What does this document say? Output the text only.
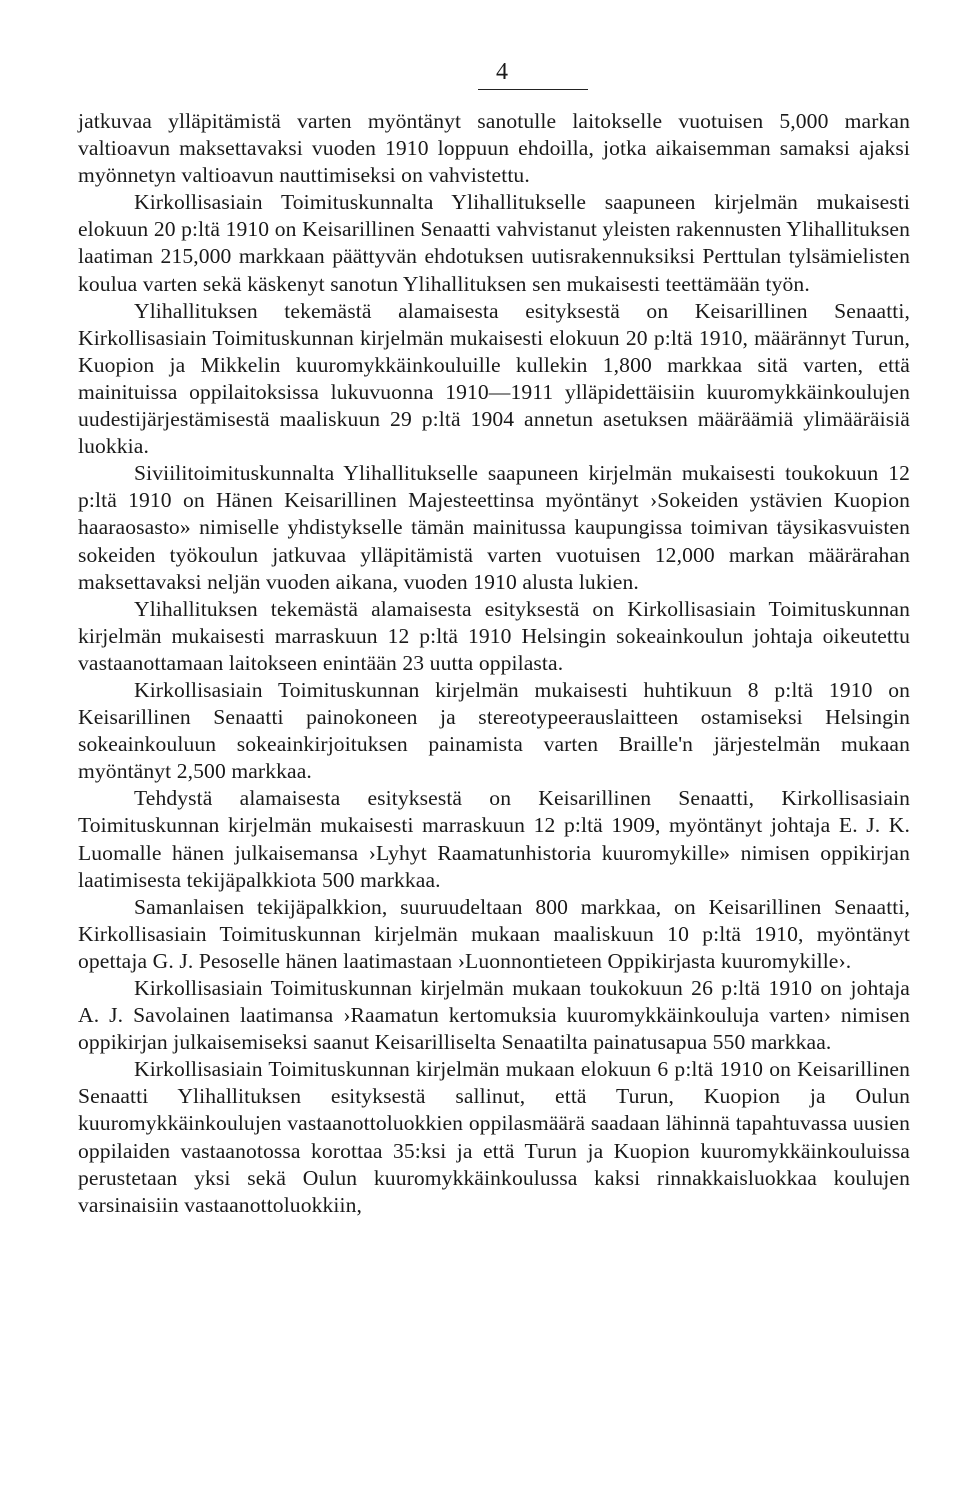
4

jatkuvaa ylläpitämistä varten myöntänyt sanotulle laitokselle vuotuisen 5,000 markan valtioavun maksettavaksi vuoden 1910 loppuun ehdoilla, jotka aikaisemman samaksi ajaksi myönnetyn valtioavun nauttimiseksi on vahvistettu.

Kirkollisasiain Toimituskunnalta Ylihallitukselle saapuneen kirjelmän mukaisesti elokuun 20 p:ltä 1910 on Keisarillinen Senaatti vahvistanut yleisten rakennusten Ylihallituksen laatiman 215,000 markkaan päättyvän ehdotuksen uutisrakennuksiksi Perttulan tylsämielisten koulua varten sekä käskenyt sanotun Ylihallituksen sen mukaisesti teettämään työn.

Ylihallituksen tekemästä alamaisesta esityksestä on Keisarillinen Senaatti, Kirkollisasiain Toimituskunnan kirjelmän mukaisesti elokuun 20 p:ltä 1910, määrännyt Turun, Kuopion ja Mikkelin kuuromykkäinkouluille kullekin 1,800 markkaa sitä varten, että mainituissa oppilaitoksissa lukuvuonna 1910—1911 ylläpidettäisiin kuuromykkäinkoulujen uudestijärjestämisestä maaliskuun 29 p:ltä 1904 annetun asetuksen määräämiä ylimääräisiä luokkia.

Siviilitoimituskunnalta Ylihallitukselle saapuneen kirjelmän mukaisesti toukokuun 12 p:ltä 1910 on Hänen Keisarillinen Majesteettinsa myöntänyt ›Sokeiden ystävien Kuopion haaraosasto» nimiselle yhdistykselle tämän mainitussa kaupungissa toimivan täysikasvuisten sokeiden työkoulun jatkuvaa ylläpitämistä varten vuotuisen 12,000 markan määrärahan maksettavaksi neljän vuoden aikana, vuoden 1910 alusta lukien.

Ylihallituksen tekemästä alamaisesta esityksestä on Kirkollisasiain Toimituskunnan kirjelmän mukaisesti marraskuun 12 p:ltä 1910 Helsingin sokeainkoulun johtaja oikeutettu vastaanottamaan laitokseen enintään 23 uutta oppilasta.

Kirkollisasiain Toimituskunnan kirjelmän mukaisesti huhtikuun 8 p:ltä 1910 on Keisarillinen Senaatti painokoneen ja stereotypeerauslaitteen ostamiseksi Helsingin sokeainkouluun sokeainkirjoituksen painamista varten Braille'n järjestelmän mukaan myöntänyt 2,500 markkaa.

Tehdystä alamaisesta esityksestä on Keisarillinen Senaatti, Kirkollisasiain Toimituskunnan kirjelmän mukaisesti marraskuun 12 p:ltä 1909, myöntänyt johtaja E. J. K. Luomalle hänen julkaisemansa ›Lyhyt Raamatunhistoria kuuromykille» nimisen oppikirjan laatimisesta tekijäpalkkiota 500 markkaa.

Samanlaisen tekijäpalkkion, suuruudeltaan 800 markkaa, on Keisarillinen Senaatti, Kirkollisasiain Toimituskunnan kirjelmän mukaan maaliskuun 10 p:ltä 1910, myöntänyt opettaja G. J. Pesoselle hänen laatimastaan ›Luonnontieteen Oppikirjasta kuuromykille›.

Kirkollisasiain Toimituskunnan kirjelmän mukaan toukokuun 26 p:ltä 1910 on johtaja A. J. Savolainen laatimansa ›Raamatun kertomuksia kuuromykkäinkouluja varten› nimisen oppikirjan julkaisemiseksi saanut Keisarilliselta Senaatilta painatusapua 550 markkaa.

Kirkollisasiain Toimituskunnan kirjelmän mukaan elokuun 6 p:ltä 1910 on Keisarillinen Senaatti Ylihallituksen esityksestä sallinut, että Turun, Kuopion ja Oulun kuuromykkäinkoulujen vastaanottoluokkien oppilasmäärä saadaan lähinnä tapahtuvassa uusien oppilaiden vastaanotossa korottaa 35:ksi ja että Turun ja Kuopion kuuromykkäinkouluissa perustetaan yksi sekä Oulun kuuromykkäinkoulussa kaksi rinnakkaisluokkaa koulujen varsinaisiin vastaanottoluokkiin,
